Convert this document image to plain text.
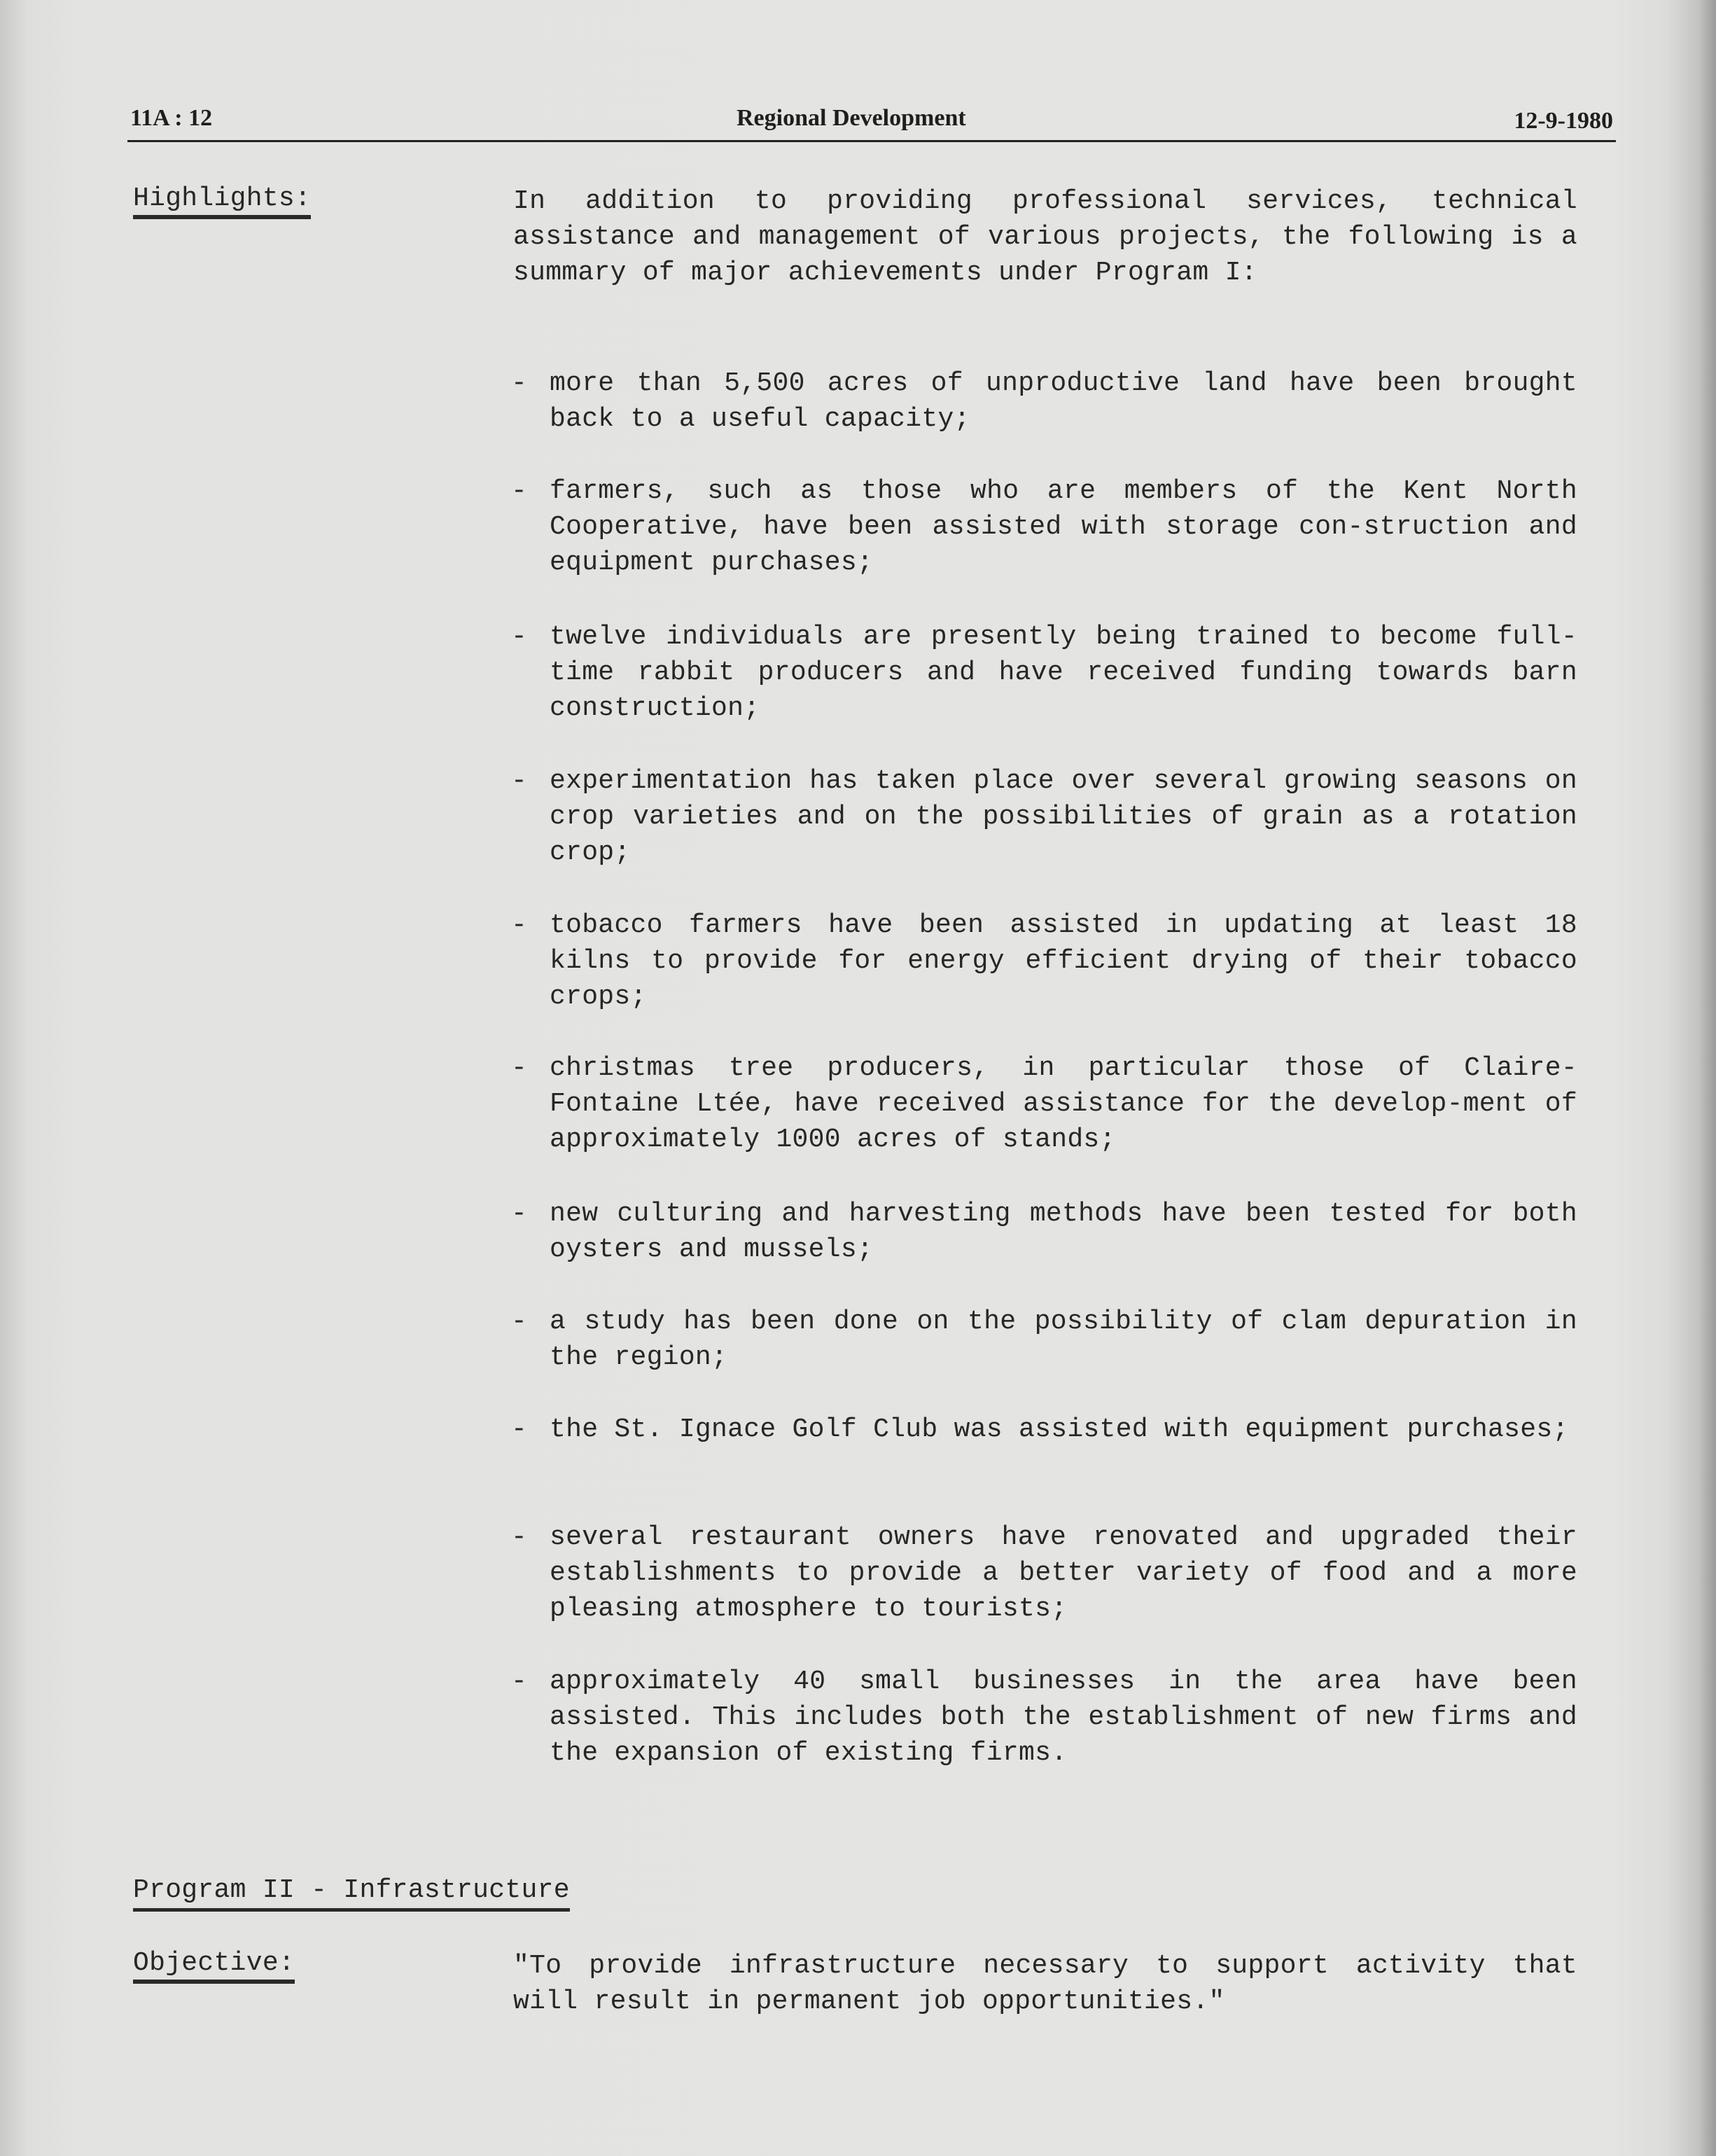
11A : 12	Regional Development	12-9-1980
Highlights:	In addition to providing professional services, technical assistance and management of various projects, the following is a summary of major achievements under Program I:
- more than 5,500 acres of unproductive land have been brought back to a useful capacity;
- farmers, such as those who are members of the Kent North Cooperative, have been assisted with storage con-struction and equipment purchases;
- twelve individuals are presently being trained to become full-time rabbit producers and have received funding towards barn construction;
- experimentation has taken place over several growing seasons on crop varieties and on the possibilities of grain as a rotation crop;
- tobacco farmers have been assisted in updating at least 18 kilns to provide for energy efficient drying of their tobacco crops;
- christmas tree producers, in particular those of Claire-Fontaine Ltée, have received assistance for the develop-ment of approximately 1000 acres of stands;
- new culturing and harvesting methods have been tested for both oysters and mussels;
- a study has been done on the possibility of clam depuration in the region;
- the St. Ignace Golf Club was assisted with equipment purchases;
- several restaurant owners have renovated and upgraded their establishments to provide a better variety of food and a more pleasing atmosphere to tourists;
- approximately 40 small businesses in the area have been assisted. This includes both the establishment of new firms and the expansion of existing firms.
Program II - Infrastructure
Objective:	"To provide infrastructure necessary to support activity that will result in permanent job opportunities."
